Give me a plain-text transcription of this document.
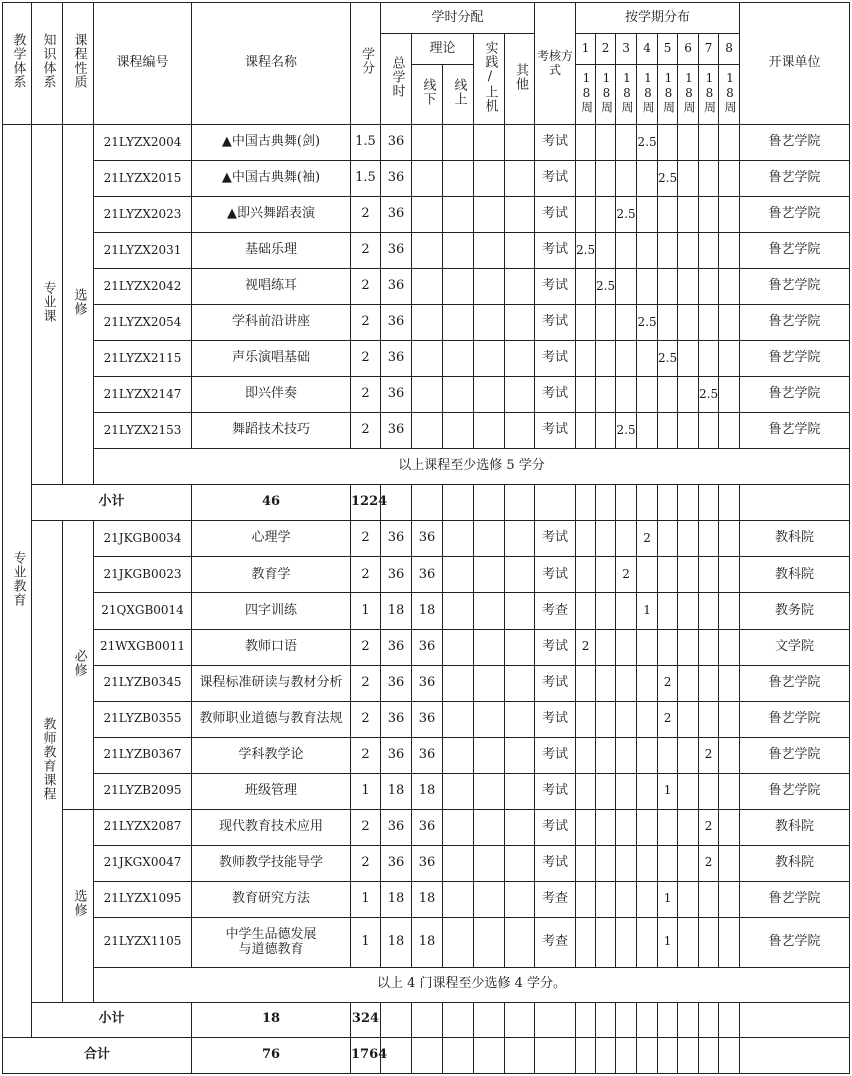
教学体系	知识体系	课程性质	课程编号	课程名称	学分	学时分配					考核方式	按学期分布								开课单位
						总学时	理论		实践/上机	其他		1	2	3	4	5	6	7	8	
							线下	线上				18周	18周	18周	18周	18周	18周	18周	18周	
专业教育	专业课	选修	21LYZX2004	▲中国古典舞(剑)	1.5	36					考试				2.5					鲁艺学院
			21LYZX2015	▲中国古典舞(袖)	1.5	36					考试					2.5				鲁艺学院
			21LYZX2023	▲即兴舞蹈表演	2	36					考试			2.5						鲁艺学院
			21LYZX2031	基础乐理	2	36					考试	2.5								鲁艺学院
			21LYZX2042	视唱练耳	2	36					考试		2.5							鲁艺学院
			21LYZX2054	学科前沿讲座	2	36					考试				2.5					鲁艺学院
			21LYZX2115	声乐演唱基础	2	36					考试					2.5				鲁艺学院
			21LYZX2147	即兴伴奏	2	36					考试							2.5		鲁艺学院
			21LYZX2153	舞蹈技术技巧	2	36					考试			2.5						鲁艺学院
			以上课程至少选修 5 学分																	
	小计			46	1224															
	教师教育课程	必修	21JKGB0034	心理学	2	36	36				考试				2					教科院
			21JKGB0023	教育学	2	36	36				考试			2						教科院
			21QXGB0014	四字训练	1	18	18				考查				1					教务院
			21WXGB0011	教师口语	2	36	36				考试	2								文学院
			21LYZB0345	课程标准研读与教材分析	2	36	36				考试					2				鲁艺学院
			21LYZB0355	教师职业道德与教育法规	2	36	36				考试					2				鲁艺学院
			21LYZB0367	学科教学论	2	36	36				考试							2		鲁艺学院
			21LYZB2095	班级管理	1	18	18				考试					1				鲁艺学院
		选修	21LYZX2087	现代教育技术应用	2	36	36				考试							2		教科院
			21JKGX0047	教师教学技能导学	2	36	36				考试							2		教科院
			21LYZX1095	教育研究方法	1	18	18				考查					1				鲁艺学院
			21LYZX1105	中学生品德发展
与道德教育	1	18	18				考查					1				鲁艺学院
			以上 4 门课程至少选修 4 学分。																	
	小计			18	324															
合计				76	1764															
